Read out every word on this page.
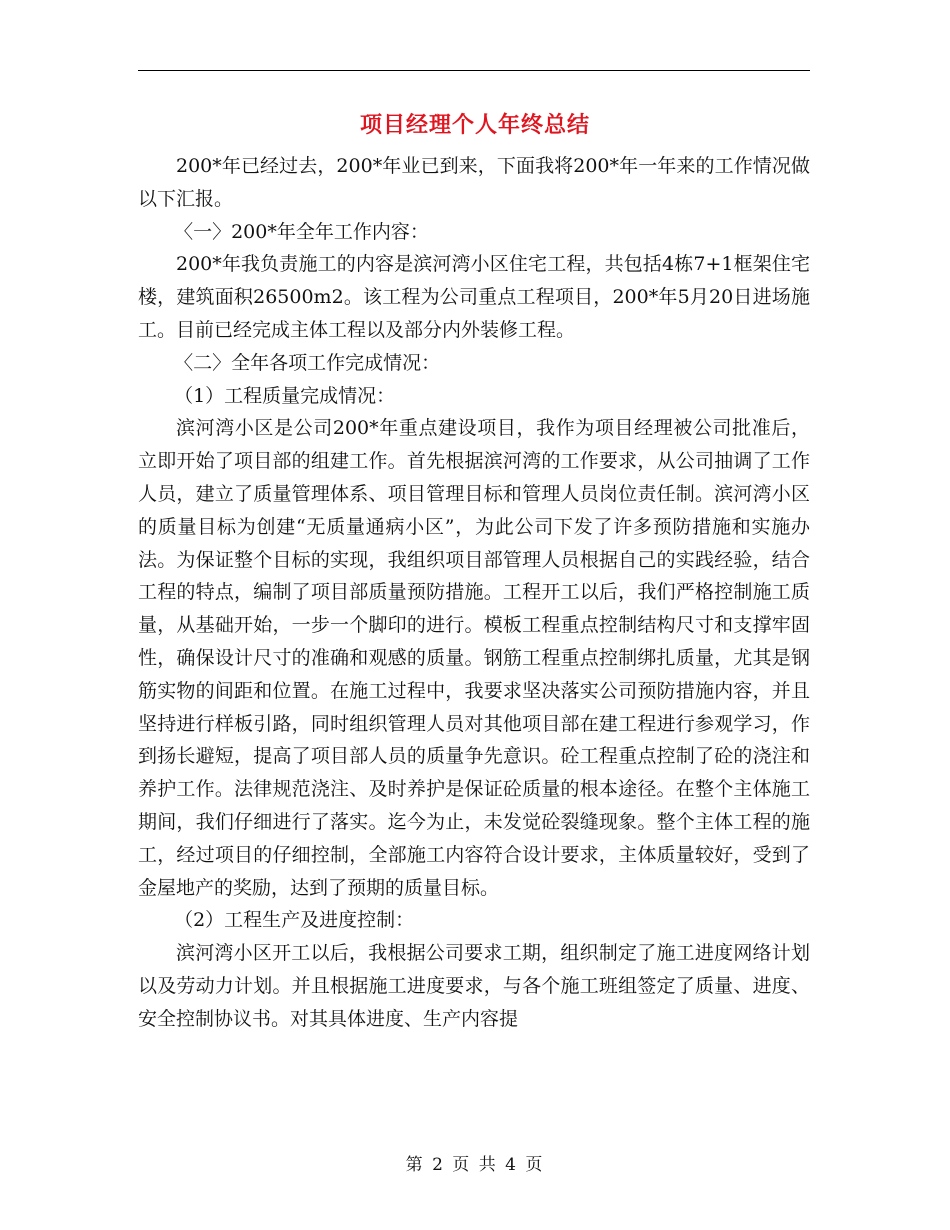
项目经理个人年终总结

200*年已经过去，200*年业已到来，下面我将200*年一年来的工作情况做以下汇报。

〈一〉200*年全年工作内容：

200*年我负责施工的内容是滨河湾小区住宅工程，共包括4栋7+1框架住宅楼，建筑面积26500m2。该工程为公司重点工程项目，200*年5月20日进场施工。目前已经完成主体工程以及部分内外装修工程。

〈二〉全年各项工作完成情况：

（1）工程质量完成情况：

滨河湾小区是公司200*年重点建设项目，我作为项目经理被公司批准后，立即开始了项目部的组建工作。首先根据滨河湾的工作要求，从公司抽调了工作人员，建立了质量管理体系、项目管理目标和管理人员岗位责任制。滨河湾小区的质量目标为创建“无质量通病小区”，为此公司下发了许多预防措施和实施办法。为保证整个目标的实现，我组织项目部管理人员根据自己的实践经验，结合工程的特点，编制了项目部质量预防措施。工程开工以后，我们严格控制施工质量，从基础开始，一步一个脚印的进行。模板工程重点控制结构尺寸和支撑牢固性，确保设计尺寸的准确和观感的质量。钢筋工程重点控制绑扎质量，尤其是钢筋实物的间距和位置。在施工过程中，我要求坚决落实公司预防措施内容，并且坚持进行样板引路，同时组织管理人员对其他项目部在建工程进行参观学习，作到扬长避短，提高了项目部人员的质量争先意识。砼工程重点控制了砼的浇注和养护工作。法律规范浇注、及时养护是保证砼质量的根本途径。在整个主体施工期间，我们仔细进行了落实。迄今为止，未发觉砼裂缝现象。整个主体工程的施工，经过项目的仔细控制，全部施工内容符合设计要求，主体质量较好，受到了金屋地产的奖励，达到了预期的质量目标。

（2）工程生产及进度控制：

滨河湾小区开工以后，我根据公司要求工期，组织制定了施工进度网络计划以及劳动力计划。并且根据施工进度要求，与各个施工班组签定了质量、进度、安全控制协议书。对其具体进度、生产内容提

第 2 页 共 4 页
